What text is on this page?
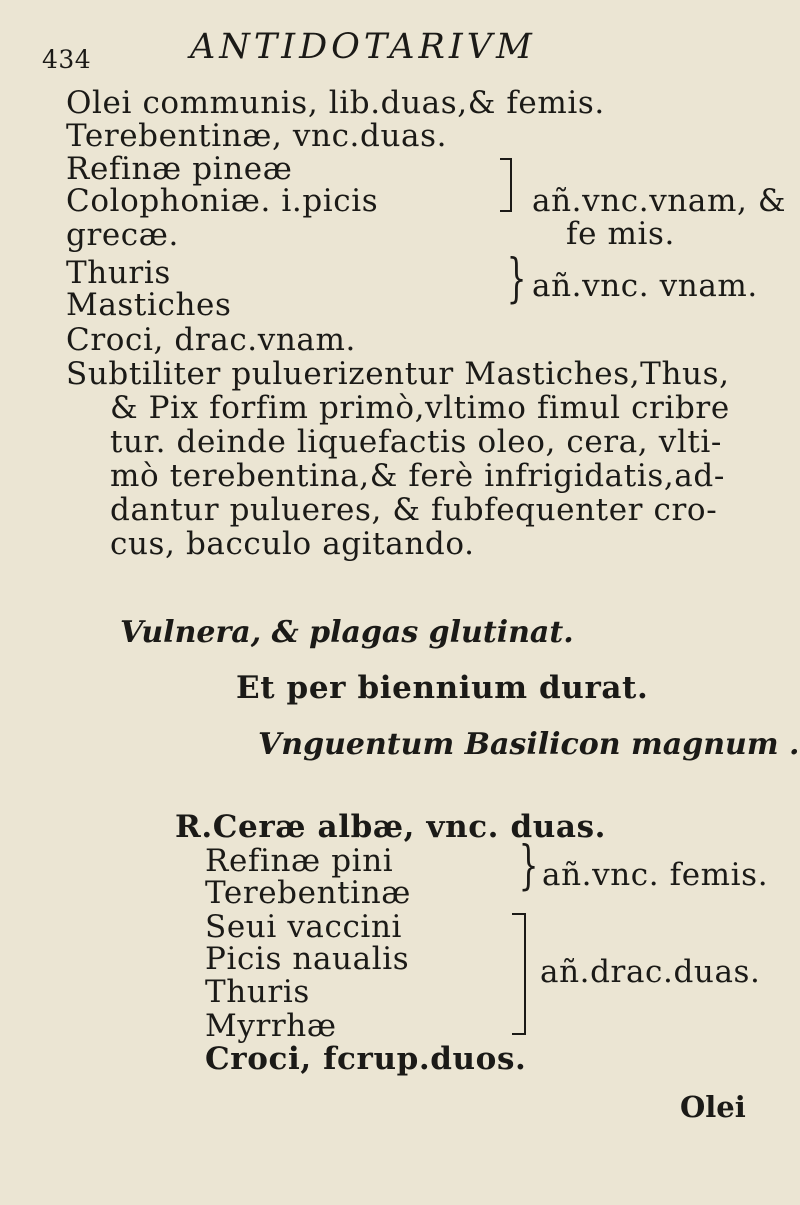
434	ANTIDOTARIVM
Olei communis, lib.duas,& femis.
Terebentinæ, vnc.duas.
Refinæ pineæ
Colophoniæ. i.picis
grecæ.
Thuris
Mastiches
Croci, drac.vnam.
añ.vnc.vnam, &
fe mis.
} añ.vnc. vnam.
Subtiliter puluerizentur Mastiches,Thus,
& Pix forfim primò,vltimo fimul cribre
tur. deinde liquefactis oleo, cera, vlti-
mò terebentina,& ferè infrigidatis,ad-
dantur pulueres, & fubfequenter cro-
cus, bacculo agitando.
Vulnera, & plagas glutinat.
Et per biennium durat.
Vnguentum Basilicon magnum .
R.Ceræ albæ, vnc. duas.
Refinæ pini
Terebentinæ
Seui vaccini
Picis naualis
Thuris
Myrrhæ
Croci, fcrup.duos.
} añ.vnc. femis.
añ.drac.duas.
Olei
